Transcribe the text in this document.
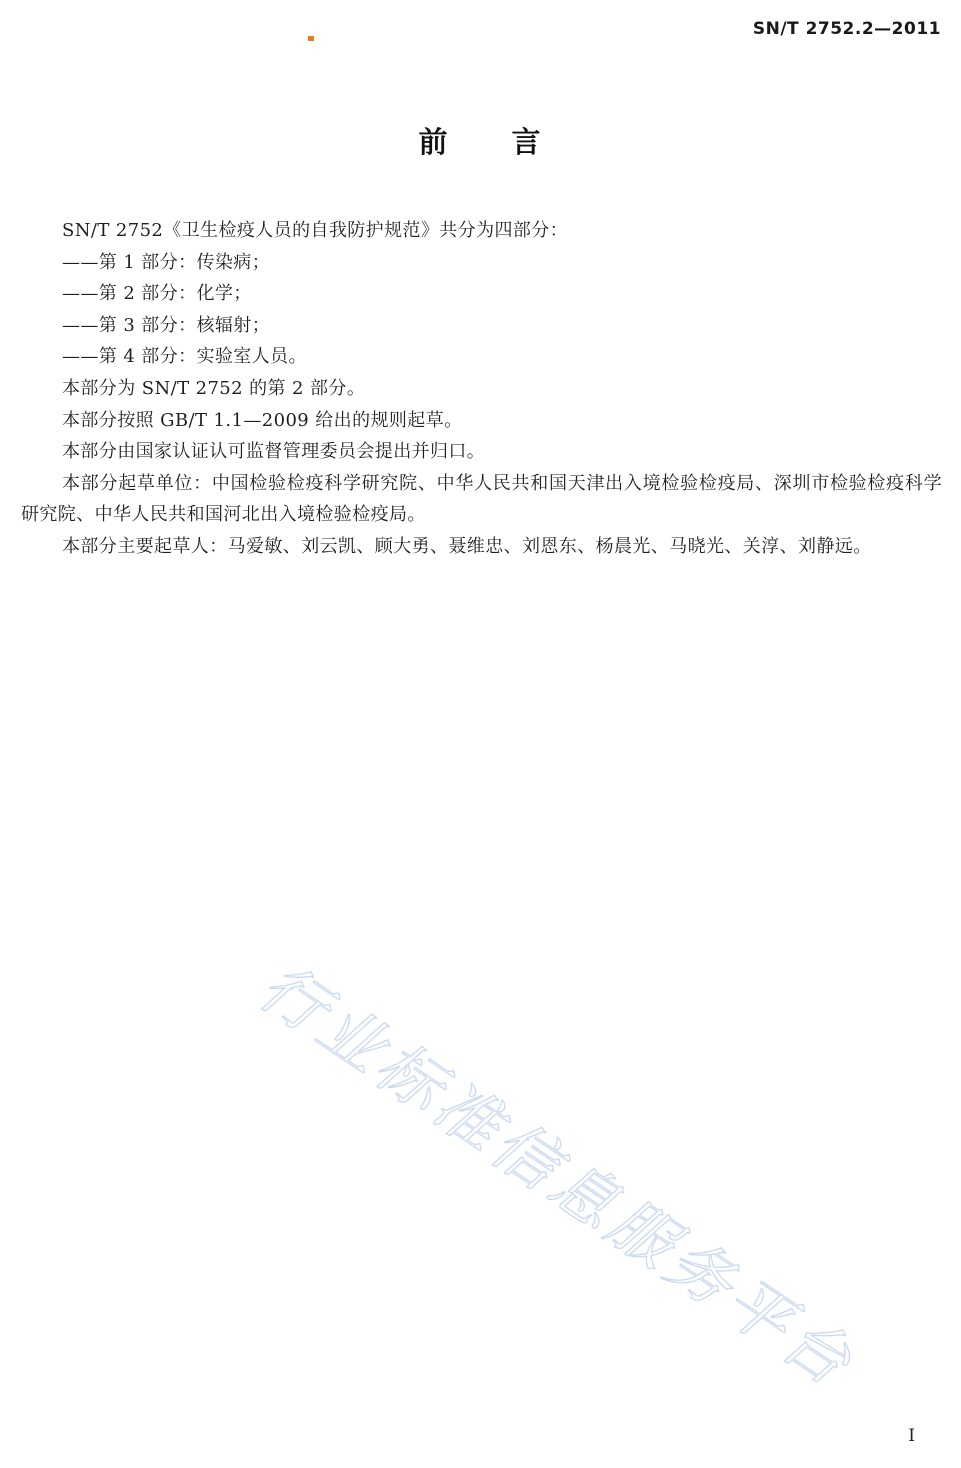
SN/T 2752.2—2011
前 言

SN/T 2752《卫生检疫人员的自我防护规范》共分为四部分：

——第 1 部分：传染病；

——第 2 部分：化学；

——第 3 部分：核辐射；

——第 4 部分：实验室人员。

本部分为 SN/T 2752 的第 2 部分。

本部分按照 GB/T 1.1—2009 给出的规则起草。

本部分由国家认证认可监督管理委员会提出并归口。

本部分起草单位：中国检验检疫科学研究院、中华人民共和国天津出入境检验检疫局、深圳市检验检疫科学研究院、中华人民共和国河北出入境检验检疫局。

本部分主要起草人：马爱敏、刘云凯、顾大勇、聂维忠、刘恩东、杨晨光、马晓光、关淳、刘静远。

行业标准信息服务平台
I
